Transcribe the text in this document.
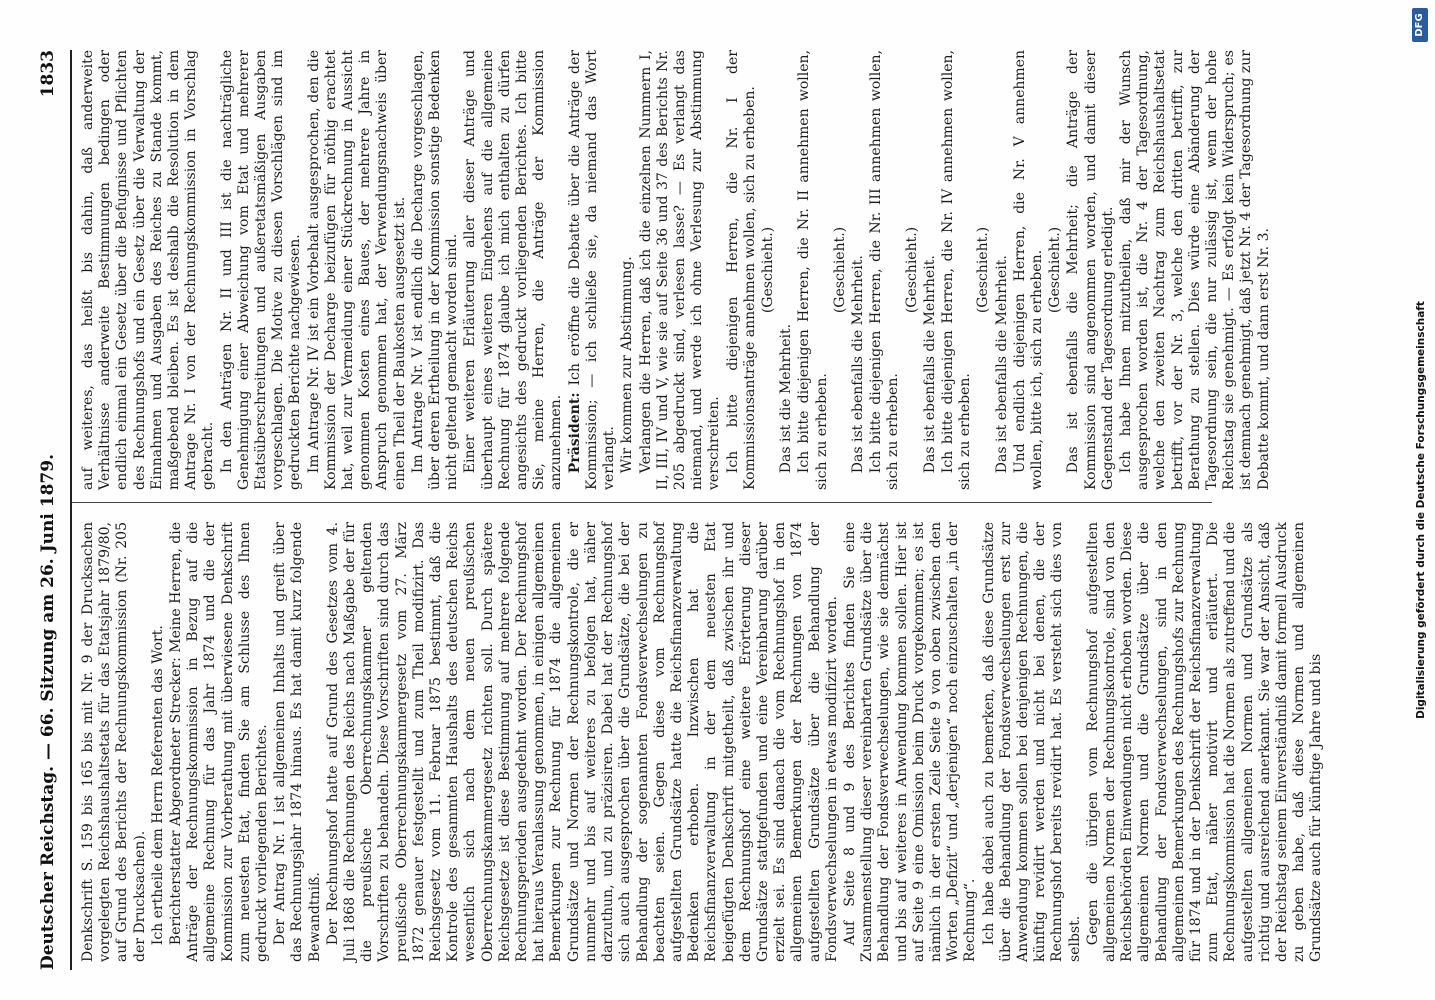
Deutscher Reichstag. — 66. Sitzung am 26. Juni 1879.
1833

Denkschrift S. 159 bis 165 bis mit Nr. 9 der Drucksachen vorgelegten Reichshaushaltsetats für das Etatsjahr 1879/80, auf Grund des Berichts der Rechnungskommission (Nr. 205 der Drucksachen). Ich ertheile dem Herrn Referenten das Wort. Berichterstatter Abgeordneter Strecker: Meine Herren, die Anträge der Rechnungskommission in Bezug auf die allgemeine Rechnung für das Jahr 1874 und die der Kommission zur Vorberathung mit überwiesene Denkschrift zum neuesten Etat, finden Sie am Schlusse des Ihnen gedruckt vorliegenden Berichtes. Der Antrag Nr. I ist allgemeinen Inhalts und greift über das Rechnungsjahr 1874 hinaus. Es hat damit kurz folgende Bewandtniß. Der Rechnungshof hatte auf Grund des Gesetzes vom 4. Juli 1868 die Rechnungen des Reichs nach Maßgabe der für die preußische Oberrechnungskammer geltenden Vorschriften zu behandeln. Diese Vorschriften sind durch das preußische Oberrechnungskammergesetz vom 27. März 1872 genauer festgestellt und zum Theil modifizirt. Das Reichsgesetz vom 11. Februar 1875 bestimmt, daß die Kontrole des gesammten Haushalts des deutschen Reichs wesentlich sich nach dem neuen preußischen Oberrechnungskammergesetz richten soll. Durch spätere Reichsgesetze ist diese Bestimmung auf mehrere folgende Rechnungsperioden ausgedehnt worden. Der Rechnungshof hat hieraus Veranlassung genommen, in einigen allgemeinen Bemerkungen zur Rechnung für 1874 die allgemeinen Grundsätze und Normen der Rechnungskontrole, die er nunmehr und bis auf weiteres zu befolgen hat, näher darzuthun, und zu präzisiren. Dabei hat der Rechnungshof sich auch ausgesprochen über die Grundsätze, die bei der Behandlung der sogenannten Fondsverwechselungen zu beachten seien. Gegen diese vom Rechnungshof aufgestellten Grundsätze hatte die Reichsfinanzverwaltung Bedenken erhoben. Inzwischen hat die Reichsfinanzverwaltung in der dem neuesten Etat beigefügten Denkschrift mitgetheilt, daß zwischen ihr und dem Rechnungshof eine weitere Erörterung dieser Grundsätze stattgefunden und eine Vereinbarung darüber erzielt sei. Es sind danach die vom Rechnungshof in den allgemeinen Bemerkungen der Rechnungen von 1874 aufgestellten Grundsätze über die Behandlung der Fondsverwechselungen in etwas modifizirt worden. Auf Seite 8 und 9 des Berichtes finden Sie eine Zusammenstellung dieser vereinbarten Grundsätze über die Behandlung der Fondsverwechselungen, wie sie demnächst und bis auf weiteres in Anwendung kommen sollen. Hier ist auf Seite 9 eine Omission beim Druck vorgekommen; es ist nämlich in der ersten Zeile Seite 9 von oben zwischen den Worten „Defizit“ und „derjenigen“ noch einzuschalten „in der Rechnung“. Ich habe dabei auch zu bemerken, daß diese Grundsätze über die Behandlung der Fondsverwechselungen erst zur Anwendung kommen sollen bei denjenigen Rechnungen, die künftig revidirt werden und nicht bei denen, die der Rechnungshof bereits revidirt hat. Es versteht sich dies von selbst. Gegen die übrigen vom Rechnungshof aufgestellten allgemeinen Normen der Rechnungskontrole, sind von den Reichsbehörden Einwendungen nicht erhoben worden. Diese allgemeinen Normen und die Grundsätze über die Behandlung der Fondsverwechselungen, sind in den allgemeinen Bemerkungen des Rechnungshofs zur Rechnung für 1874 und in der Denkschrift der Reichsfinanzverwaltung zum Etat, näher motivirt und erläutert. Die Rechnungskommission hat die Normen als zutreffend und die aufgestellten allgemeinen Normen und Grundsätze als richtig und ausreichend anerkannt. Sie war der Ansicht, daß der Reichstag seinem Einverständniß damit formell Ausdruck zu geben habe, daß diese Normen und allgemeinen Grundsätze auch für künftige Jahre und bis

auf weiteres, das heißt bis dahin, daß anderweite Verhältnisse anderweite Bestimmungen bedingen oder endlich einmal ein Gesetz über die Befugnisse und Pflichten des Rechnungshofs und ein Gesetz über die Verwaltung der Einnahmen und Ausgaben des Reiches zu Stande kommt, maßgebend bleiben. Es ist deshalb die Resolution in dem Antrage Nr. I von der Rechnungskommission in Vorschlag gebracht. In den Anträgen Nr. II und III ist die nachträgliche Genehmigung einer Abweichung vom Etat und mehrerer Etatsüberschreitungen und außeretatsmäßigen Ausgaben vorgeschlagen. Die Motive zu diesen Vorschlägen sind im gedruckten Berichte nachgewiesen. Im Antrage Nr. IV ist ein Vorbehalt ausgesprochen, den die Kommission der Decharge beizufügen für nöthig erachtet hat, weil zur Vermeidung einer Stückrechnung in Aussicht genommen Kosten eines Baues, der mehrere Jahre in Anspruch genommen hat, der Verwendungsnachweis über einen Theil der Baukosten ausgesetzt ist. Im Antrage Nr. V ist endlich die Decharge vorgeschlagen, über deren Ertheilung in der Kommission sonstige Bedenken nicht geltend gemacht worden sind. Einer weiteren Erläuterung aller dieser Anträge und überhaupt eines weiteren Eingehens auf die allgemeine Rechnung für 1874 glaube ich mich enthalten zu dürfen angesichts des gedruckt vorliegenden Berichtes. Ich bitte Sie, meine Herren, die Anträge der Kommission anzunehmen. Präsident: Ich eröffne die Debatte über die Anträge der Kommission; — ich schließe sie, da niemand das Wort verlangt. Wir kommen zur Abstimmung. Verlangen die Herren, daß ich die einzelnen Nummern I, II, III, IV und V, wie sie auf Seite 36 und 37 des Berichts Nr. 205 abgedruckt sind, verlesen lasse? — Es verlangt das niemand, und werde ich ohne Verlesung zur Abstimmung verschreiten. Ich bitte diejenigen Herren, die Nr. I der Kommissionsanträge annehmen wollen, sich zu erheben. (Geschieht.)

Das ist die Mehrheit. Ich bitte diejenigen Herren, die Nr. II annehmen wollen, sich zu erheben.

(Geschieht.) Das ist ebenfalls die Mehrheit. Ich bitte diejenigen Herren, die Nr. III annehmen wollen, sich zu erheben.

(Geschieht.) Das ist ebenfalls die Mehrheit. Ich bitte diejenigen Herren, die Nr. IV annehmen wollen, sich zu erheben.

(Geschieht.) Das ist ebenfalls die Mehrheit. Und endlich diejenigen Herren, die Nr. V annehmen wollen, bitte ich, sich zu erheben. (Geschieht.) Das ist ebenfalls die Mehrheit; die Anträge der Kommission sind angenommen worden, und damit dieser Gegenstand der Tagesordnung erledigt. Ich habe Ihnen mitzutheilen, daß mir der Wunsch ausgesprochen worden ist, die Nr. 4 der Tagesordnung, welche den zweiten Nachtrag zum Reichshaushaltsetat betrifft, vor der Nr. 3, welche den dritten betrifft, zur Berathung zu stellen. Dies würde eine Abänderung der Tagesordnung sein, die nur zulässig ist, wenn der hohe Reichstag sie genehmigt. — Es erfolgt kein Widerspruch; es ist demnach genehmigt, daß jetzt Nr. 4 der Tagesordnung zur Debatte kommt, und dann erst Nr. 3.	Digitalisierung gefördert durch die Deutsche Forschungsgemeinschaft
DFG
